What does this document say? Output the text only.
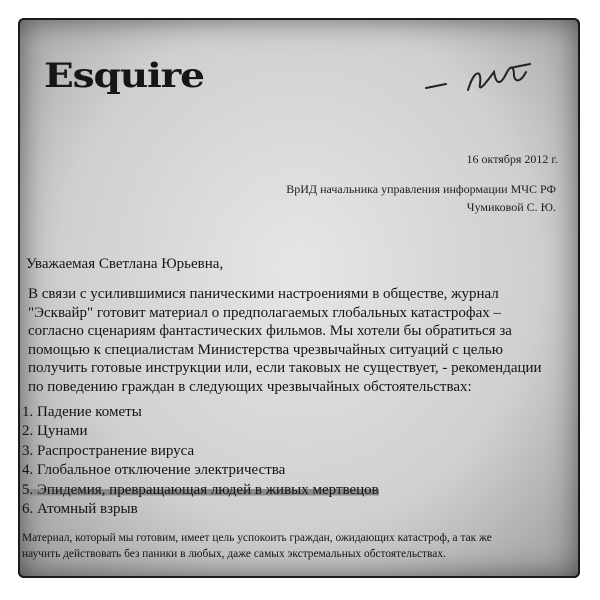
Esquire
16 октября 2012 г.
ВрИД начальника управления информации МЧС РФ
Чумиковой С. Ю.
Уважаемая Светлана Юрьевна,
В связи с усилившимися паническими настроениями в обществе, журнал
"Эсквайр" готовит материал о предполагаемых глобальных катастрофах –
согласно сценариям фантастических фильмов. Мы хотели бы обратиться за
помощью к специалистам Министерства чрезвычайных ситуаций с целью
получить готовые инструкции или, если таковых не существует, - рекомендации
по поведению граждан в следующих чрезвычайных обстоятельствах:
1. Падение кометы
2. Цунами
3. Распространение вируса
4. Глобальное отключение электричества
5. Эпидемия, превращающая людей в живых мертвецов
6. Атомный взрыв
Материал, который мы готовим, имеет цель успокоить граждан, ожидающих катастроф, а так же
научить действовать без паники в любых, даже самых экстремальных обстоятельствах.
